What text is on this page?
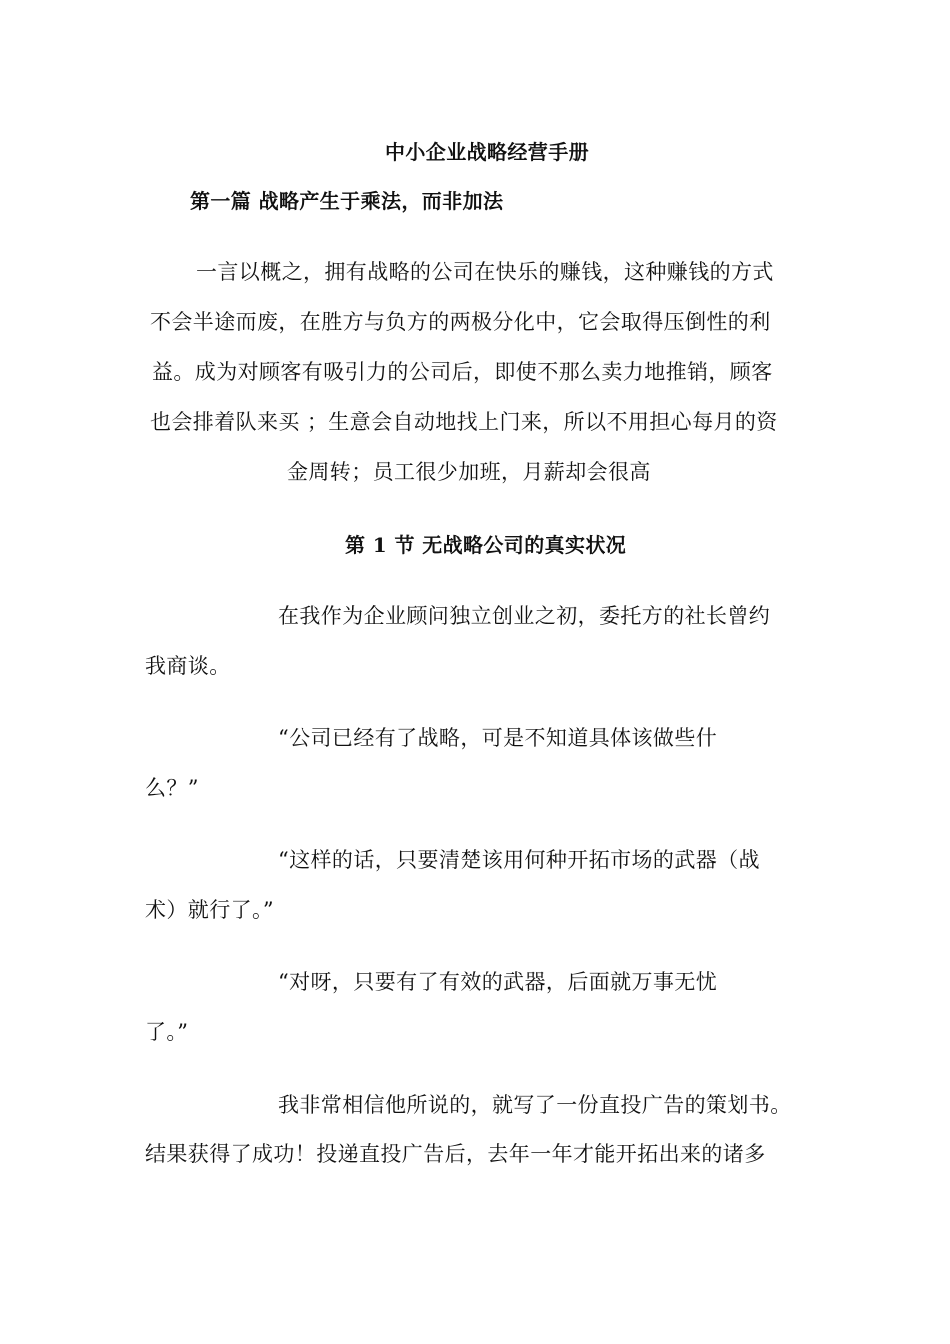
中小企业战略经营手册
第一篇 战略产生于乘法，而非加法
一言以概之，拥有战略的公司在快乐的赚钱，这种赚钱的方式
不会半途而废，在胜方与负方的两极分化中，它会取得压倒性的利
益。成为对顾客有吸引力的公司后，即使不那么卖力地推销，顾客
也会排着队来买 ；生意会自动地找上门来，所以不用担心每月的资
金周转；员工很少加班，月薪却会很高
第 1 节 无战略公司的真实状况
在我作为企业顾问独立创业之初，委托方的社长曾约
我商谈。
“公司已经有了战略，可是不知道具体该做些什
么？”
“这样的话，只要清楚该用何种开拓市场的武器（战
术）就行了。”
“对呀，只要有了有效的武器，后面就万事无忧
了。”
我非常相信他所说的，就写了一份直投广告的策划书。
结果获得了成功！投递直投广告后，去年一年才能开拓出来的诸多
